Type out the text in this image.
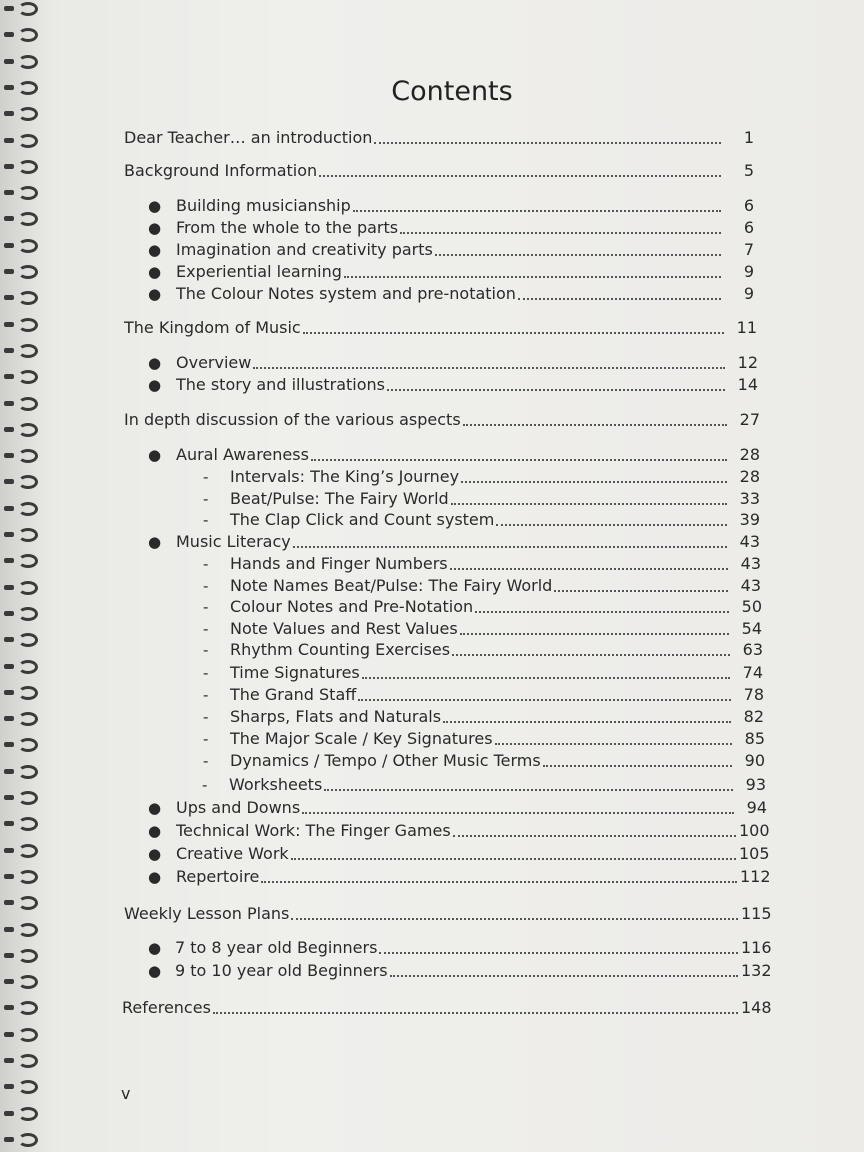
Contents
Dear Teacher… an introduction	1
Background Information	5
● Building musicianship	6
● From the whole to the parts	6
● Imagination and creativity parts	7
● Experiential learning	9
● The Colour Notes system and pre-notation	9
The Kingdom of Music	11
● Overview	12
● The story and illustrations	14
In depth discussion of the various aspects	27
● Aural Awareness	28
- Intervals: The King’s Journey	28
- Beat/Pulse: The Fairy World	33
- The Clap Click and Count system	39
● Music Literacy	43
- Hands and Finger Numbers	43
- Note Names Beat/Pulse: The Fairy World	43
- Colour Notes and Pre-Notation	50
- Note Values and Rest Values	54
- Rhythm Counting Exercises	63
- Time Signatures	74
- The Grand Staff	78
- Sharps, Flats and Naturals	82
- The Major Scale / Key Signatures	85
- Dynamics / Tempo / Other Music Terms	90
- Worksheets	93
● Ups and Downs	94
● Technical Work: The Finger Games	100
● Creative Work	105
● Repertoire	112
Weekly Lesson Plans	115
● 7 to 8 year old Beginners	116
● 9 to 10 year old Beginners	132
References	148
v
